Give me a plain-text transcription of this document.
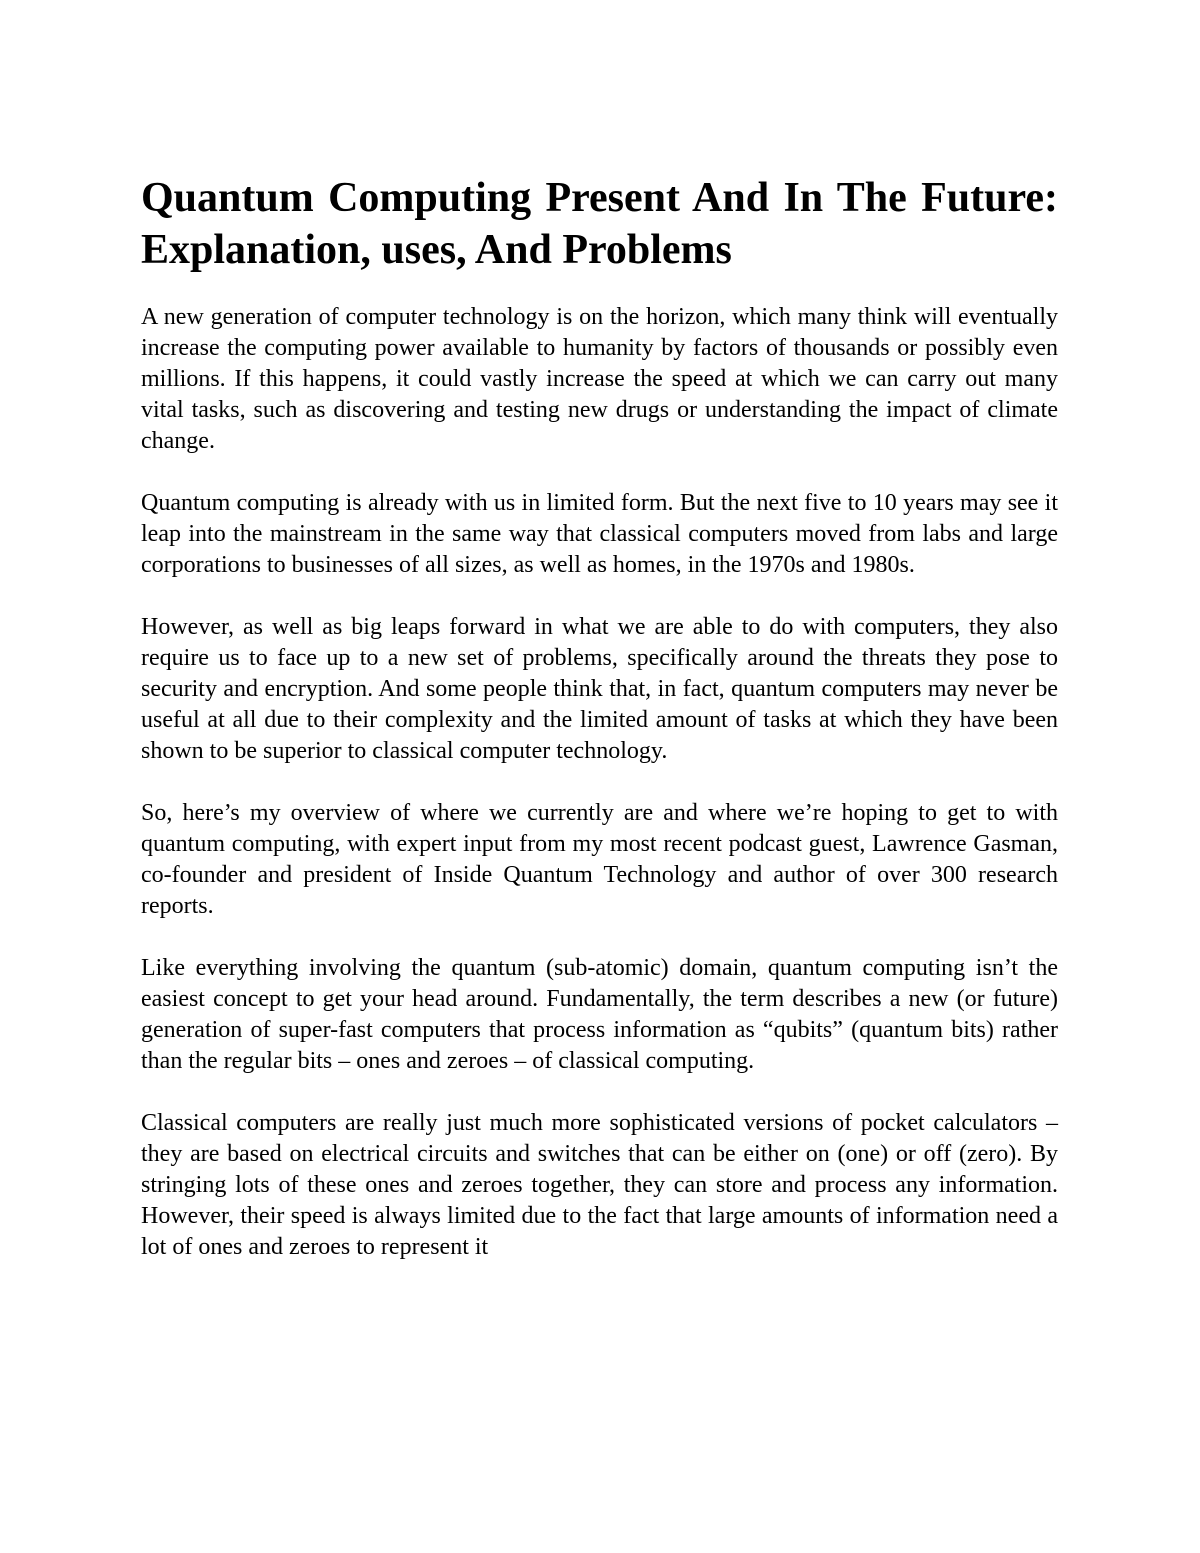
Quantum Computing Present And In The Future: Explanation, uses, And Problems

A new generation of computer technology is on the horizon, which many think will eventually increase the computing power available to humanity by factors of thousands or possibly even millions. If this happens, it could vastly increase the speed at which we can carry out many vital tasks, such as discovering and testing new drugs or understanding the impact of climate change.

Quantum computing is already with us in limited form. But the next five to 10 years may see it leap into the mainstream in the same way that classical computers moved from labs and large corporations to businesses of all sizes, as well as homes, in the 1970s and 1980s.

However, as well as big leaps forward in what we are able to do with computers, they also require us to face up to a new set of problems, specifically around the threats they pose to security and encryption. And some people think that, in fact, quantum computers may never be useful at all due to their complexity and the limited amount of tasks at which they have been shown to be superior to classical computer technology.

So, here’s my overview of where we currently are and where we’re hoping to get to with quantum computing, with expert input from my most recent podcast guest, Lawrence Gasman, co-founder and president of Inside Quantum Technology and author of over 300 research reports.

Like everything involving the quantum (sub-atomic) domain, quantum computing isn’t the easiest concept to get your head around. Fundamentally, the term describes a new (or future) generation of super-fast computers that process information as “qubits” (quantum bits) rather than the regular bits – ones and zeroes – of classical computing.

Classical computers are really just much more sophisticated versions of pocket calculators – they are based on electrical circuits and switches that can be either on (one) or off (zero). By stringing lots of these ones and zeroes together, they can store and process any information. However, their speed is always limited due to the fact that large amounts of information need a lot of ones and zeroes to represent it
